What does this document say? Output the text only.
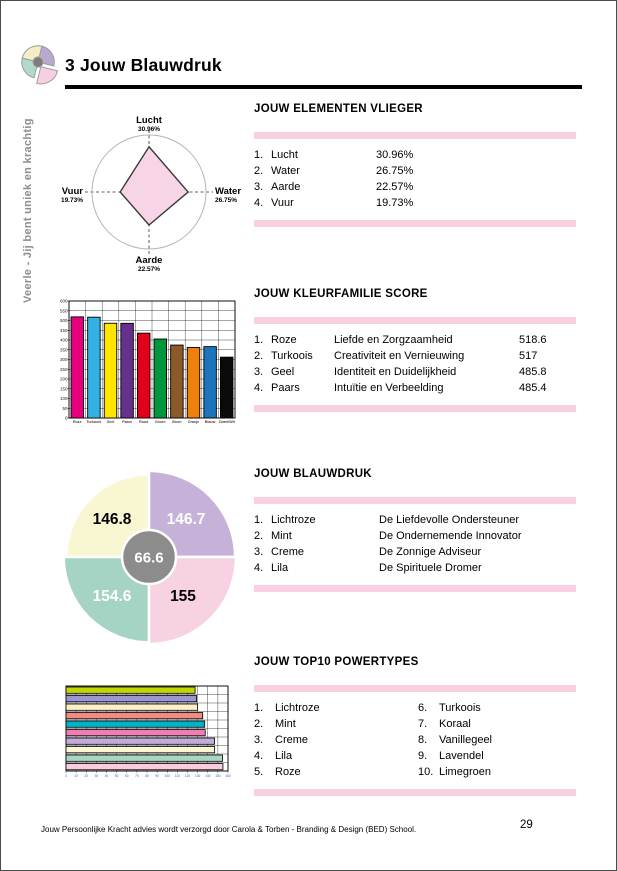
3 Jouw Blauwdruk
Veerle - Jij bent uniek en krachtig	Lucht
30.96%
Water
26.75%
Aarde
22.57%
Vuur
19.73%
0
50
100
150
200
250
300
350
400
450
500
550
600
Roze Turkoois Geel Paars Rood Groen Bruin Oranje Blauw Zwart/Wit
146.8 146.7
154.6 155
66.6
0 10 20 30 40 50 60 70 80 90 100 110 120 130 140 150 160
JOUW ELEMENTEN VLIEGER
1. Lucht	30.96%
2. Water	26.75%
3. Aarde	22.57%
4. Vuur	19.73%
JOUW KLEURFAMILIE SCORE
1. Roze	Liefde en Zorgzaamheid	518.6
2. Turkoois	Creativiteit en Vernieuwing	517
3. Geel	Identiteit en Duidelijkheid	485.8
4. Paars	Intuïtie en Verbeelding	485.4
JOUW BLAUWDRUK
1. Lichtroze	De Liefdevolle Ondersteuner
2. Mint	De Ondernemende Innovator
3. Creme	De Zonnige Adviseur
4. Lila	De Spirituele Dromer
JOUW TOP10 POWERTYPES
1.	Lichtroze
2.	Mint
3.	Creme
4.	Lila
5.	Roze
6.	Turkoois
7.	Koraal
8.	Vanillegeel
9.	Lavendel
10. Limegroen
Jouw Persoonlijke Kracht advies wordt verzorgd door Carola & Torben - Branding & Design (BED) School.	29
